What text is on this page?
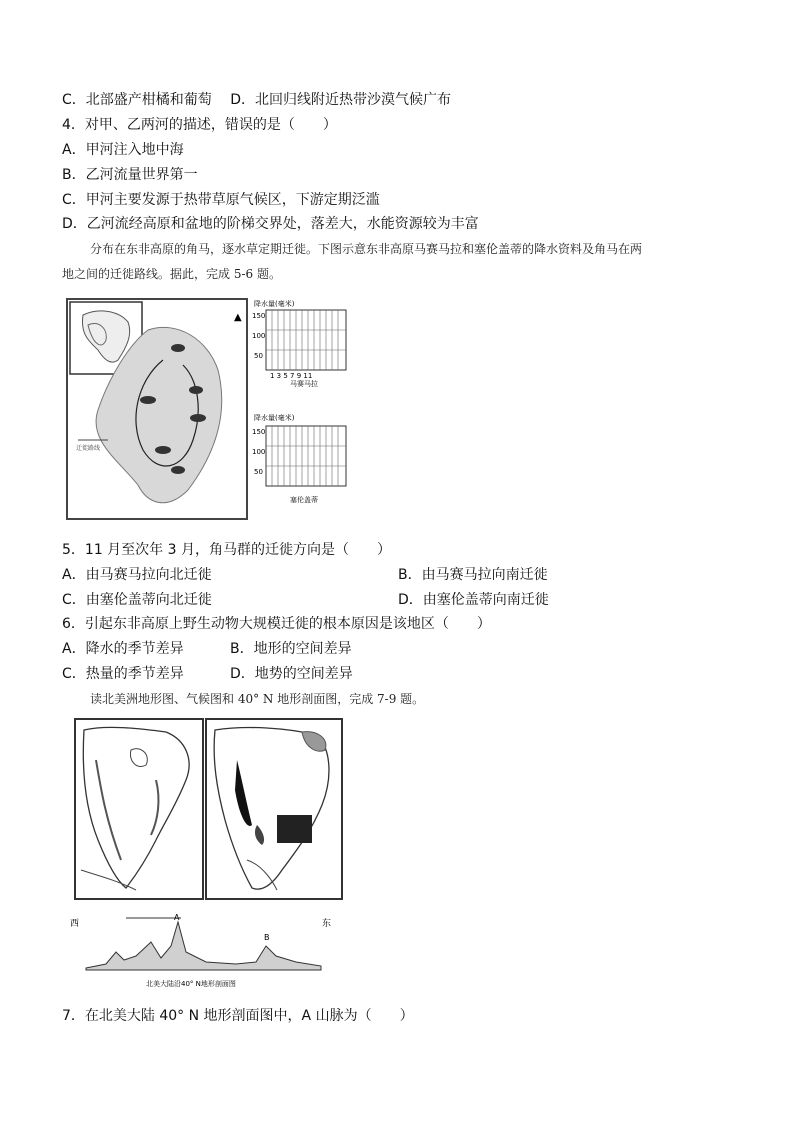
C．北部盛产柑橘和葡萄　 D．北回归线附近热带沙漠气候广布
4．对甲、乙两河的描述，错误的是（　　）
A．甲河注入地中海
B．乙河流量世界第一
C．甲河主要发源于热带草原气候区，下游定期泛滥
D．乙河流经高原和盆地的阶梯交界处，落差大，水能资源较为丰富
分布在东非高原的角马，逐水草定期迁徙。下图示意东非高原马赛马拉和塞伦盖蒂的降水资料及角马在两
地之间的迁徙路线。据此，完成 5-6 题。
迁徙路线
▲
降水量(毫米)
150
100
50
1 3 5 7 9 11
马赛马拉
降水量(毫米)
150
100
50
塞伦盖蒂
5．11 月至次年 3 月，角马群的迁徙方向是（　　）
A．由马赛马拉向北迁徙	B．由马赛马拉向南迁徙
C．由塞伦盖蒂向北迁徙	D．由塞伦盖蒂向南迁徙
6．引起东非高原上野生动物大规模迁徙的根本原因是该地区（　　）
A．降水的季节差异	B．地形的空间差异
C．热量的季节差异	D．地势的空间差异
读北美洲地形图、气候图和 40° N 地形剖面图，完成 7-9 题。
西	东
A
B
北美大陆沿40° N地形剖面图
7．在北美大陆 40° N 地形剖面图中，A 山脉为（　　）
